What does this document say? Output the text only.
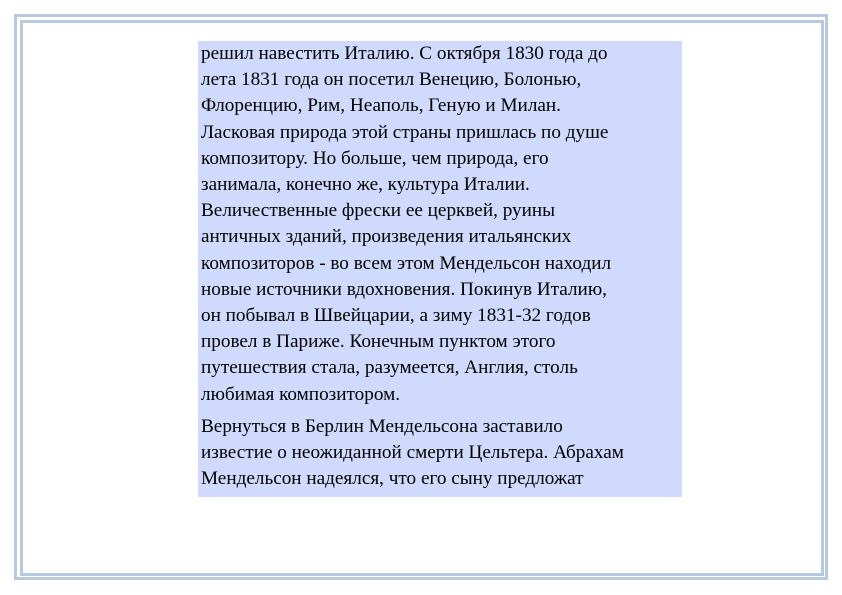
решил навестить Италию. С октября 1830 года до
лета 1831 года он посетил Венецию, Болонью,
Флоренцию, Рим, Неаполь, Геную и Милан.
Ласковая природа этой страны пришлась по душе
композитору. Но больше, чем природа, его
занимала, конечно же, культура Италии.
Величественные фрески ее церквей, руины
античных зданий, произведения итальянских
композиторов - во всем этом Мендельсон находил
новые источники вдохновения. Покинув Италию,
он побывал в Швейцарии, а зиму 1831-32 годов
провел в Париже. Конечным пунктом этого
путешествия стала, разумеется, Англия, столь
любимая композитором.

Вернуться в Берлин Мендельсона заставило
известие о неожиданной смерти Цельтера. Абрахам
Мендельсон надеялся, что его сыну предложат
